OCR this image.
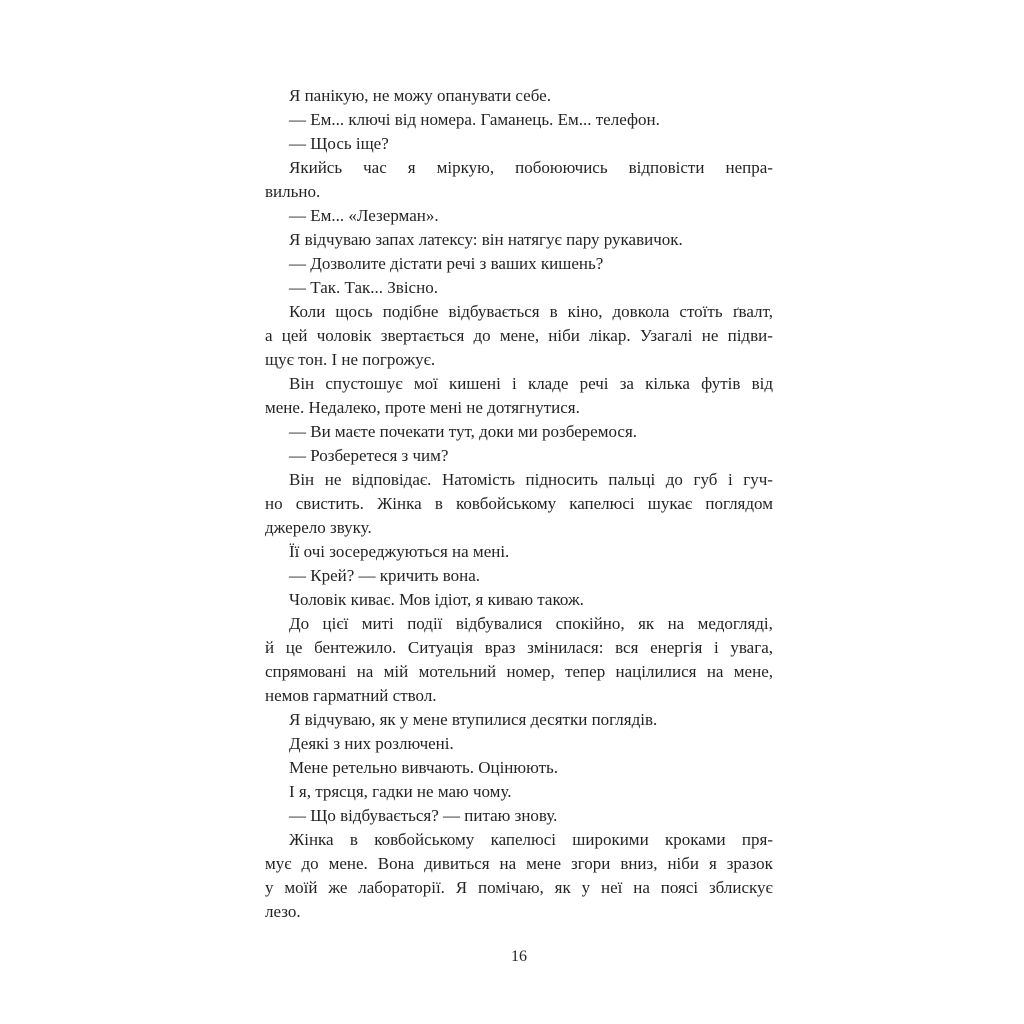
Я панікую, не можу опанувати себе.
— Ем... ключі від номера. Гаманець. Ем... телефон.
— Щось іще?
Якийсь час я міркую, побоюючись відповісти непра-
вильно.
— Ем... «Лезерман».
Я відчуваю запах латексу: він натягує пару рукавичок.
— Дозволите дістати речі з ваших кишень?
— Так. Так... Звісно.
Коли щось подібне відбувається в кіно, довкола стоїть ґвалт,
а цей чоловік звертається до мене, ніби лікар. Узагалі не підви-
щує тон. І не погрожує.
Він спустошує мої кишені і кладе речі за кілька футів від
мене. Недалеко, проте мені не дотягнутися.
— Ви маєте почекати тут, доки ми розберемося.
— Розберетеся з чим?
Він не відповідає. Натомість підносить пальці до губ і гуч-
но свистить. Жінка в ковбойському капелюсі шукає поглядом
джерело звуку.
Її очі зосереджуються на мені.
— Крей? — кричить вона.
Чоловік киває. Мов ідіот, я киваю також.
До цієї миті події відбувалися спокійно, як на медогляді,
й це бентежило. Ситуація враз змінилася: вся енергія і увага,
спрямовані на мій мотельний номер, тепер націлилися на мене,
немов гарматний ствол.
Я відчуваю, як у мене втупилися десятки поглядів.
Деякі з них розлючені.
Мене ретельно вивчають. Оцінюють.
І я, трясця, гадки не маю чому.
— Що відбувається? — питаю знову.
Жінка в ковбойському капелюсі широкими кроками пря-
мує до мене. Вона дивиться на мене згори вниз, ніби я зразок
у моїй же лабораторії. Я помічаю, як у неї на поясі зблискує
лезо.
16
